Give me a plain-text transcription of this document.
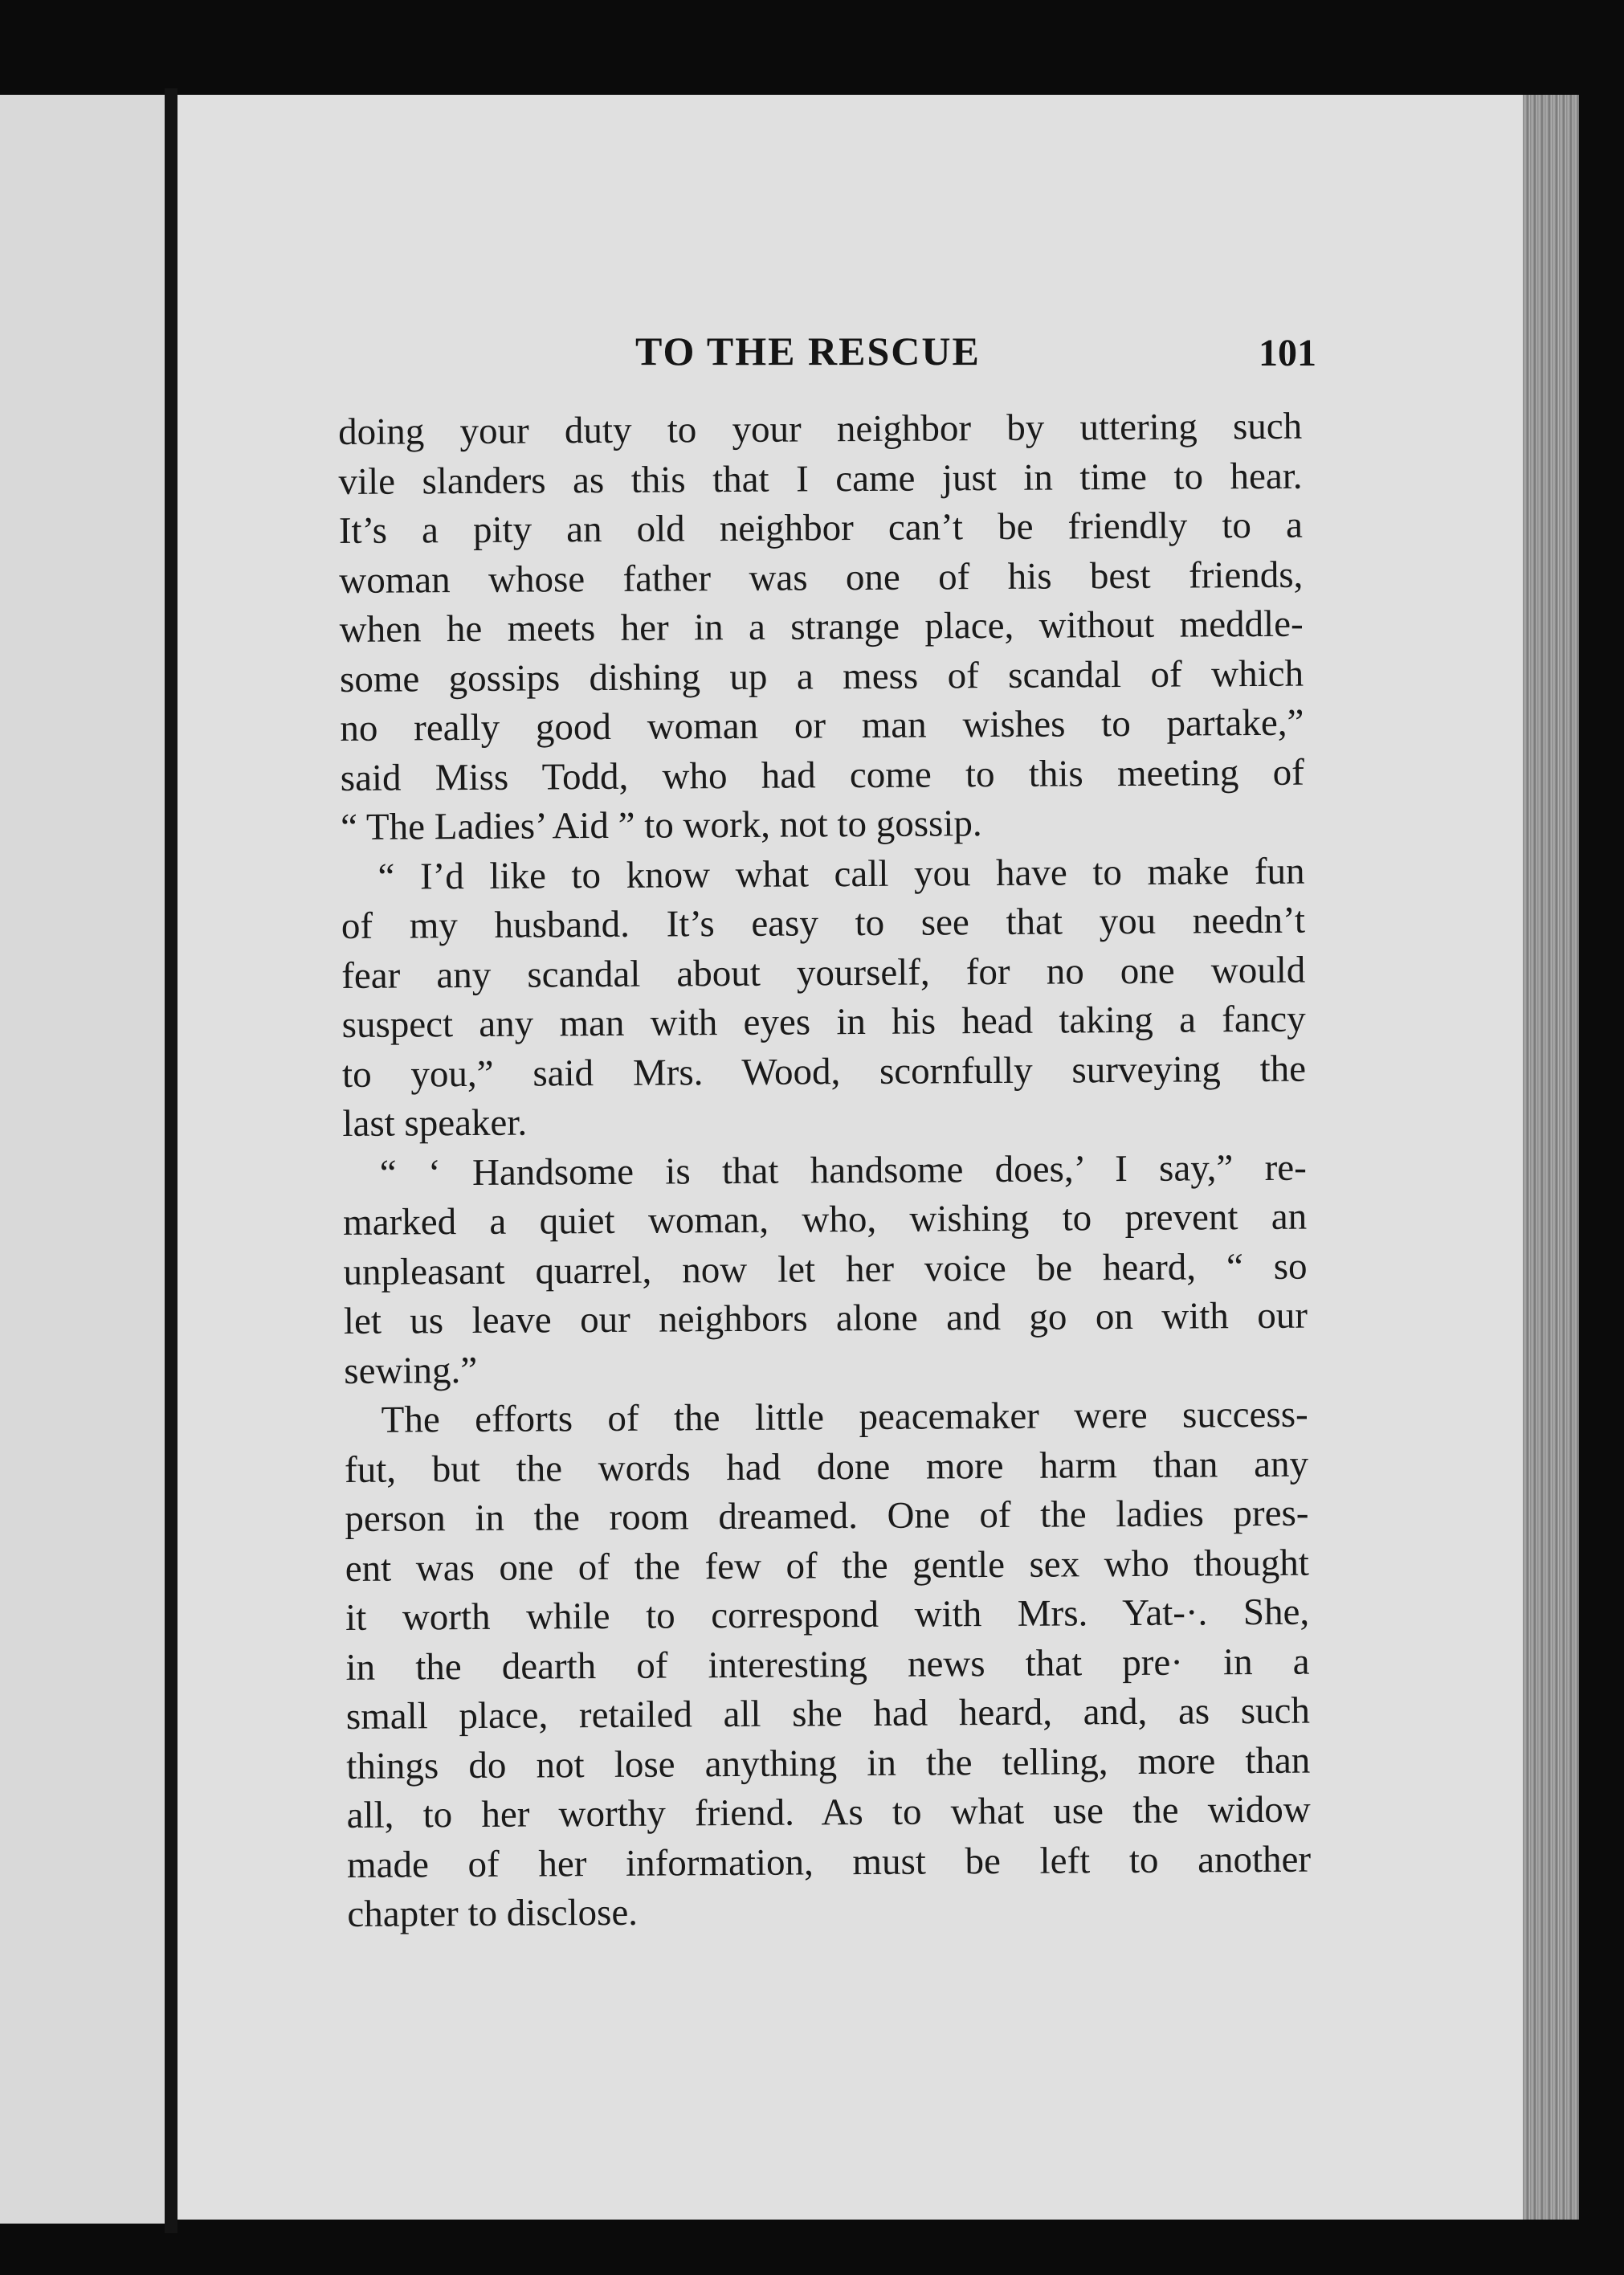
TO THE RESCUE	101
doing your duty to your neighbor by uttering such
vile slanders as this that I came just in time to hear.
It’s a pity an old neighbor can’t be friendly to a
woman whose father was one of his best friends,
when he meets her in a strange place, without meddle-
some gossips dishing up a mess of scandal of which
no really good woman or man wishes to partake,”
said Miss Todd, who had come to this meeting of
“ The Ladies’ Aid ” to work, not to gossip.
“ I’d like to know what call you have to make fun
of my husband. It’s easy to see that you needn’t
fear any scandal about yourself, for no one would
suspect any man with eyes in his head taking a fancy
to you,” said Mrs. Wood, scornfully surveying the
last speaker.
“ ‘ Handsome is that handsome does,’ I say,” re-
marked a quiet woman, who, wishing to prevent an
unpleasant quarrel, now let her voice be heard, “ so
let us leave our neighbors alone and go on with our
sewing.”
The efforts of the little peacemaker were success-
fut, but the words had done more harm than any
person in the room dreamed. One of the ladies pres-
ent was one of the few of the gentle sex who thought
it worth while to correspond with Mrs. Yat-·. She,
in the dearth of interesting news that pre· in a
small place, retailed all she had heard, and, as such
things do not lose anything in the telling, more than
all, to her worthy friend. As to what use the widow
made of her information, must be left to another
chapter to disclose.
